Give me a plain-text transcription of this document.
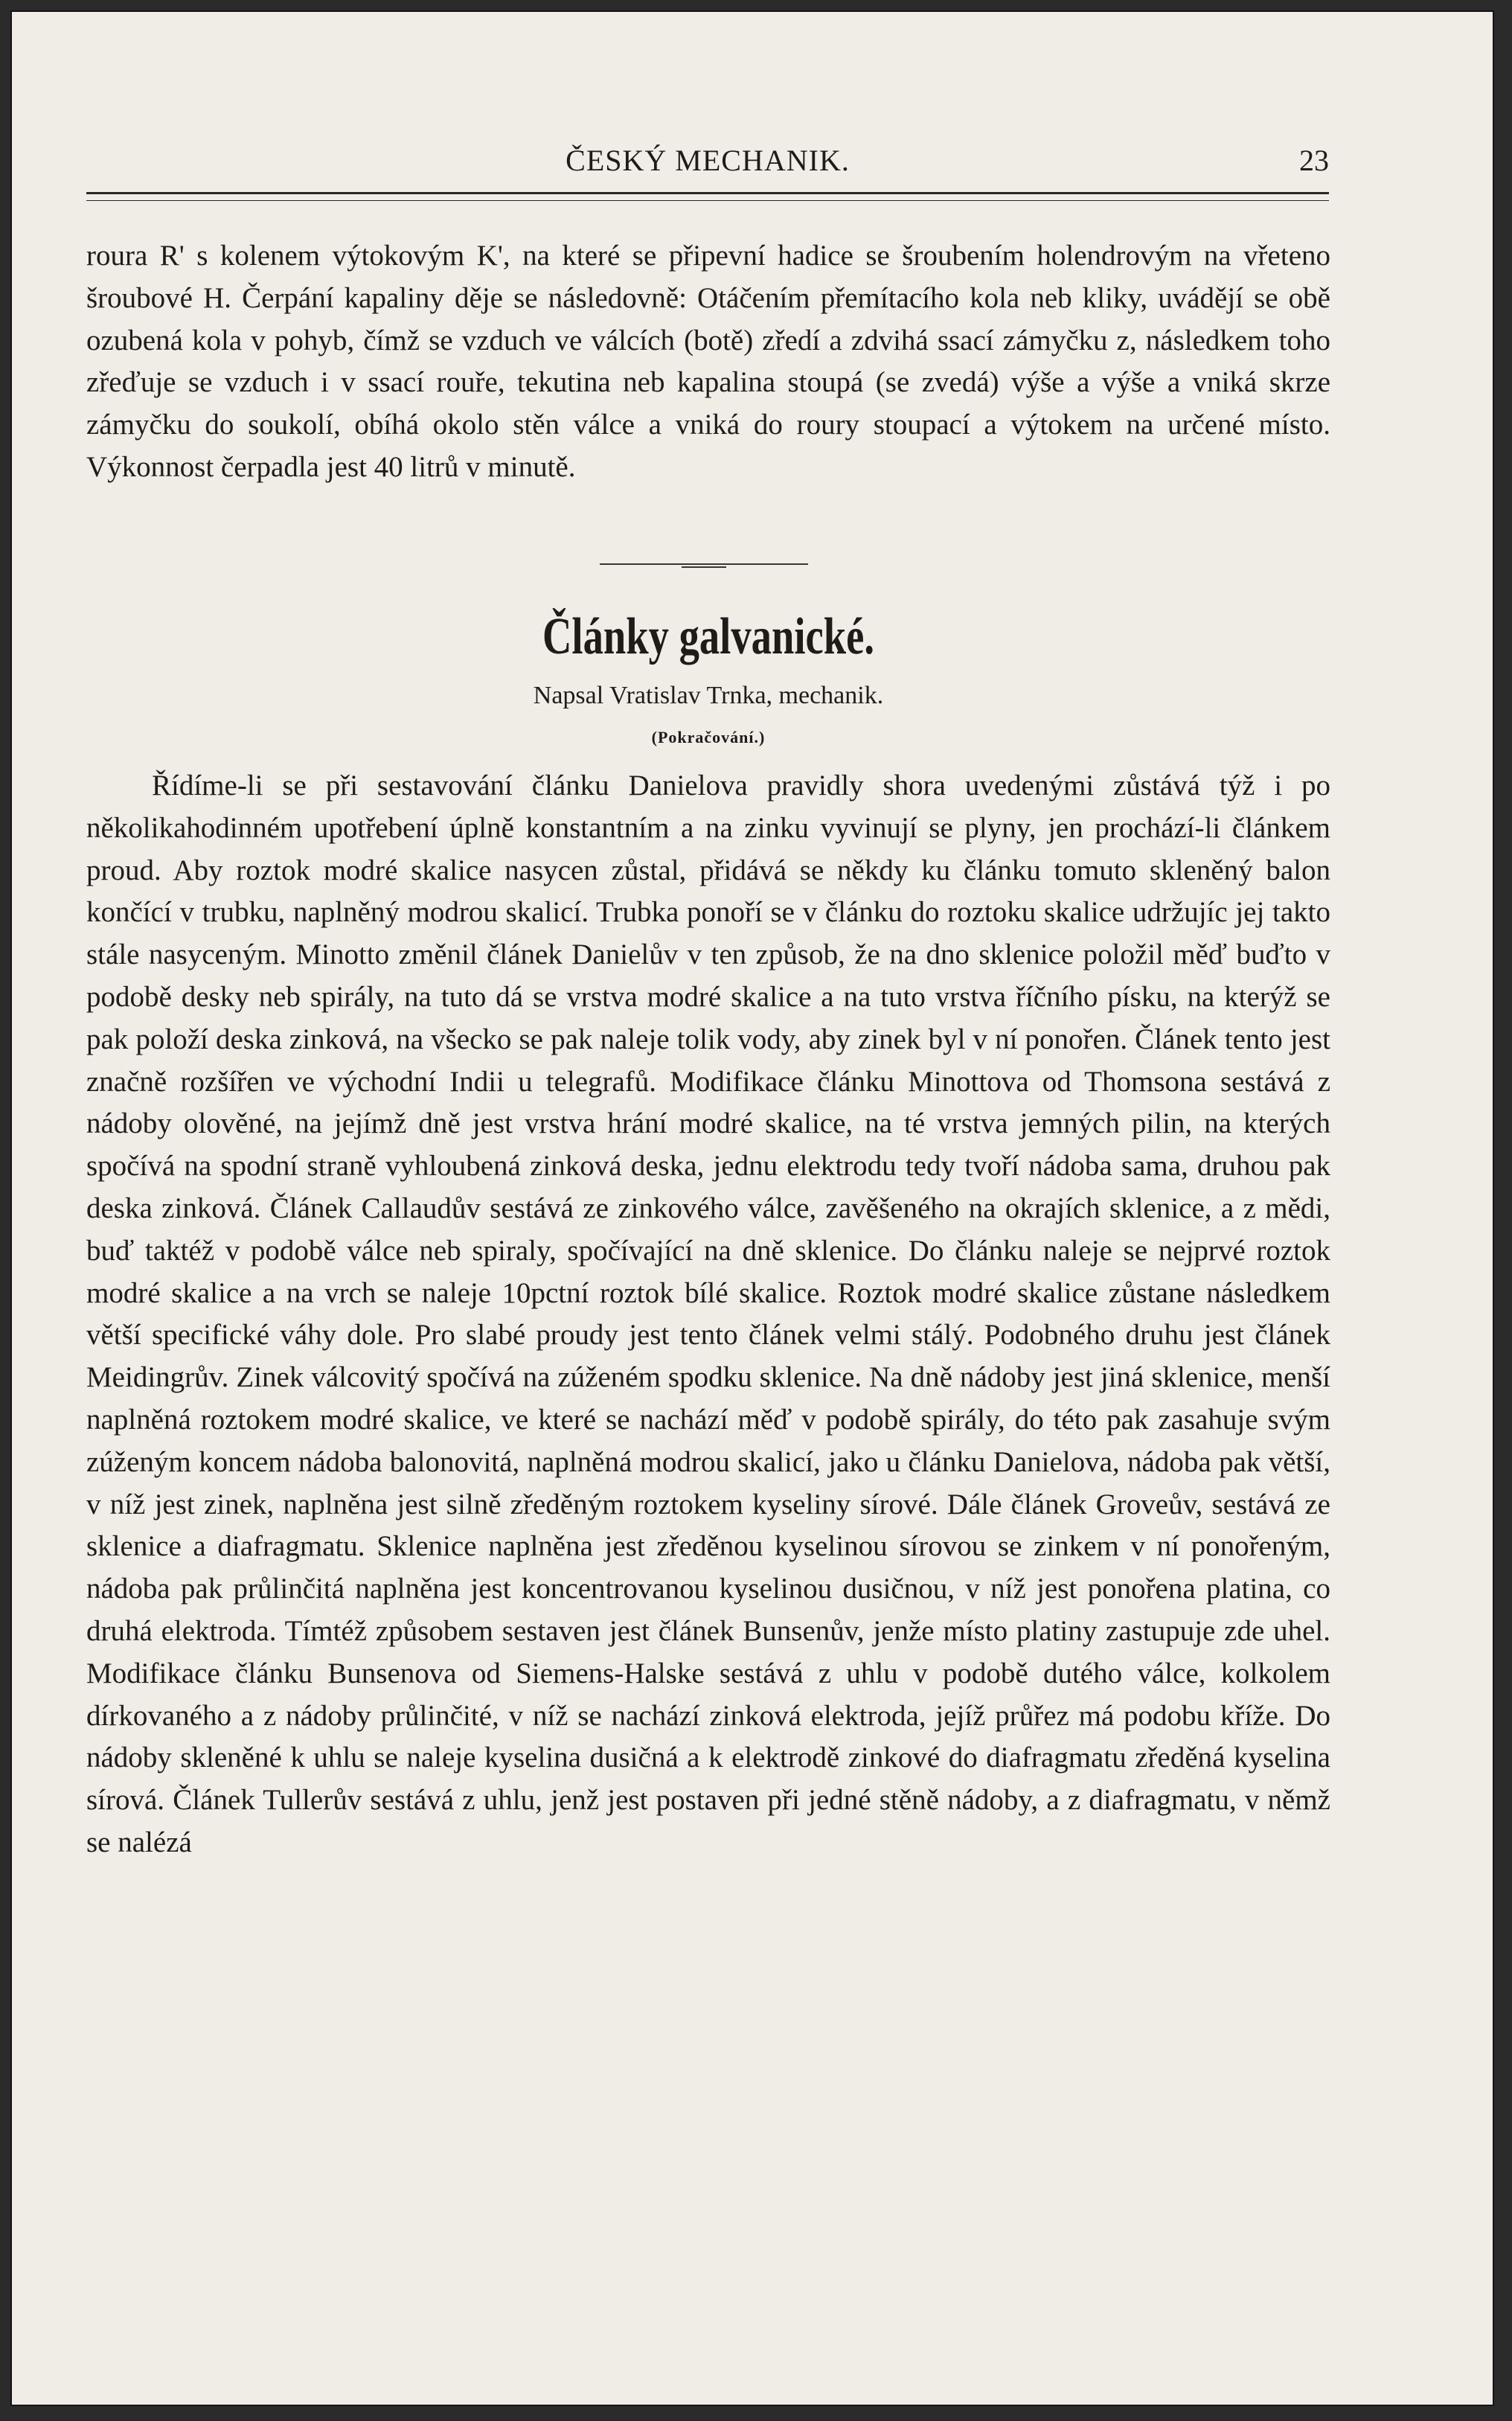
ČESKÝ MECHANIK.	23

roura R' s kolenem výtokovým K', na které se připevní hadice se šroubením holendrovým na vřeteno šroubové H. Čerpání kapaliny děje se následovně: Otáčením přemítacího kola neb kliky, uvádějí se obě ozubená kola v pohyb, čímž se vzduch ve válcích (botě) zředí a zdvihá ssací zámyčku z, následkem toho zřeďuje se vzduch i v ssací rouře, tekutina neb kapalina stoupá (se zvedá) výše a výše a vniká skrze zámyčku do soukolí, obíhá okolo stěn válce a vniká do roury stoupací a výtokem na určené místo. Výkonnost čerpadla jest 40 litrů v minutě.

Články galvanické.
Napsal Vratislav Trnka, mechanik.
(Pokračování.)

Řídíme-li se při sestavování článku Danielova pravidly shora uvedenými zůstává týž i po několikahodinném upotřebení úplně konstantním a na zinku vyvinují se plyny, jen prochází-li článkem proud. Aby roztok modré skalice nasycen zůstal, přidává se někdy ku článku tomuto skleněný balon končící v trubku, naplněný modrou skalicí. Trubka ponoří se v článku do roztoku skalice udržujíc jej takto stále nasyceným. Minotto změnil článek Danielův v ten způsob, že na dno sklenice položil měď buďto v podobě desky neb spirály, na tuto dá se vrstva modré skalice a na tuto vrstva říčního písku, na kterýž se pak položí deska zinková, na všecko se pak naleje tolik vody, aby zinek byl v ní ponořen. Článek tento jest značně rozšířen ve východní Indii u telegrafů. Modifikace článku Minottova od Thomsona sestává z nádoby olověné, na jejímž dně jest vrstva hrání modré skalice, na té vrstva jemných pilin, na kterých spočívá na spodní straně vyhloubená zinková deska, jednu elektrodu tedy tvoří nádoba sama, druhou pak deska zinková. Článek Callaudův sestává ze zinkového válce, zavěšeného na okrajích sklenice, a z mědi, buď taktéž v podobě válce neb spiraly, spočívající na dně sklenice. Do článku naleje se nejprvé roztok modré skalice a na vrch se naleje 10pctní roztok bílé skalice. Roztok modré skalice zůstane následkem větší specifické váhy dole. Pro slabé proudy jest tento článek velmi stálý. Podobného druhu jest článek Meidingrův. Zinek válcovitý spočívá na zúženém spodku sklenice. Na dně nádoby jest jiná sklenice, menší naplněná roztokem modré skalice, ve které se nachází měď v podobě spirály, do této pak zasahuje svým zúženým koncem nádoba balonovitá, naplněná modrou skalicí, jako u článku Danielova, nádoba pak větší, v níž jest zinek, naplněna jest silně zředěným roztokem kyseliny sírové. Dále článek Groveův, sestává ze sklenice a diafragmatu. Sklenice naplněna jest zředěnou kyselinou sírovou se zinkem v ní ponořeným, nádoba pak průlinčitá naplněna jest koncentrovanou kyselinou dusičnou, v níž jest ponořena platina, co druhá elektroda. Tímtéž způsobem sestaven jest článek Bunsenův, jenže místo platiny zastupuje zde uhel. Modifikace článku Bunsenova od Siemens-Halske sestává z uhlu v podobě dutého válce, kolkolem dírkovaného a z nádoby průlinčité, v níž se nachází zinková elektroda, jejíž průřez má podobu kříže. Do nádoby skleněné k uhlu se naleje kyselina dusičná a k elektrodě zinkové do diafragmatu zředěná kyselina sírová. Článek Tullerův sestává z uhlu, jenž jest postaven při jedné stěně nádoby, a z diafragmatu, v němž se nalézá
